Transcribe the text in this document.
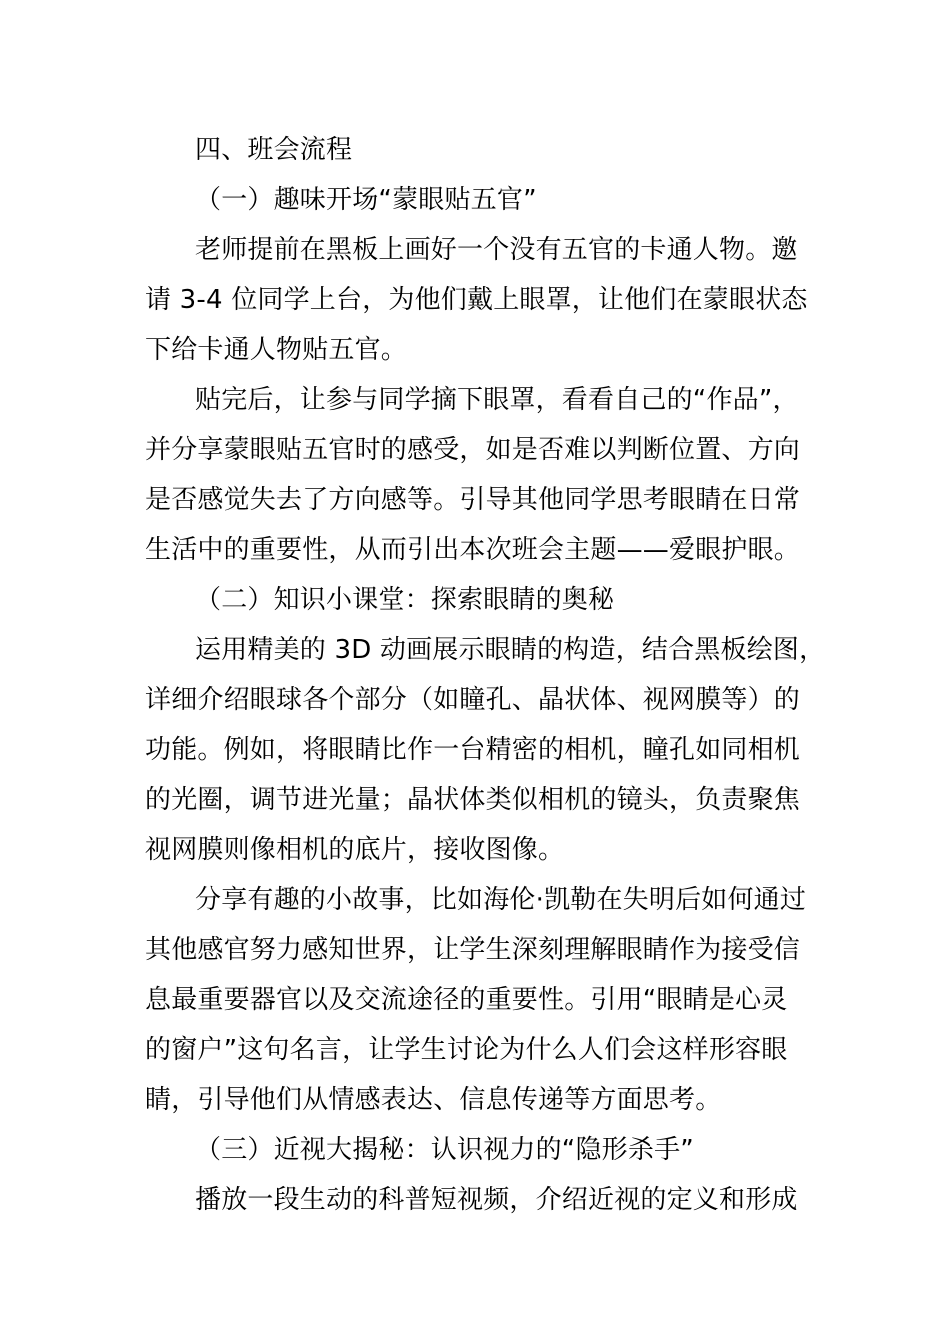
四、班会流程
（一）趣味开场“蒙眼贴五官”
老师提前在黑板上画好一个没有五官的卡通人物。邀
请 3-4 位同学上台，为他们戴上眼罩，让他们在蒙眼状态
下给卡通人物贴五官。
贴完后，让参与同学摘下眼罩，看看自己的“作品”，
并分享蒙眼贴五官时的感受，如是否难以判断位置、方向
是否感觉失去了方向感等。引导其他同学思考眼睛在日常
生活中的重要性，从而引出本次班会主题——爱眼护眼。
（二）知识小课堂：探索眼睛的奥秘
运用精美的 3D 动画展示眼睛的构造，结合黑板绘图，
详细介绍眼球各个部分（如瞳孔、晶状体、视网膜等）的
功能。例如，将眼睛比作一台精密的相机，瞳孔如同相机
的光圈，调节进光量；晶状体类似相机的镜头，负责聚焦
视网膜则像相机的底片，接收图像。
分享有趣的小故事，比如海伦·凯勒在失明后如何通过
其他感官努力感知世界，让学生深刻理解眼睛作为接受信
息最重要器官以及交流途径的重要性。引用“眼睛是心灵
的窗户”这句名言，让学生讨论为什么人们会这样形容眼
睛，引导他们从情感表达、信息传递等方面思考。
（三）近视大揭秘：认识视力的“隐形杀手”
播放一段生动的科普短视频，介绍近视的定义和形成
